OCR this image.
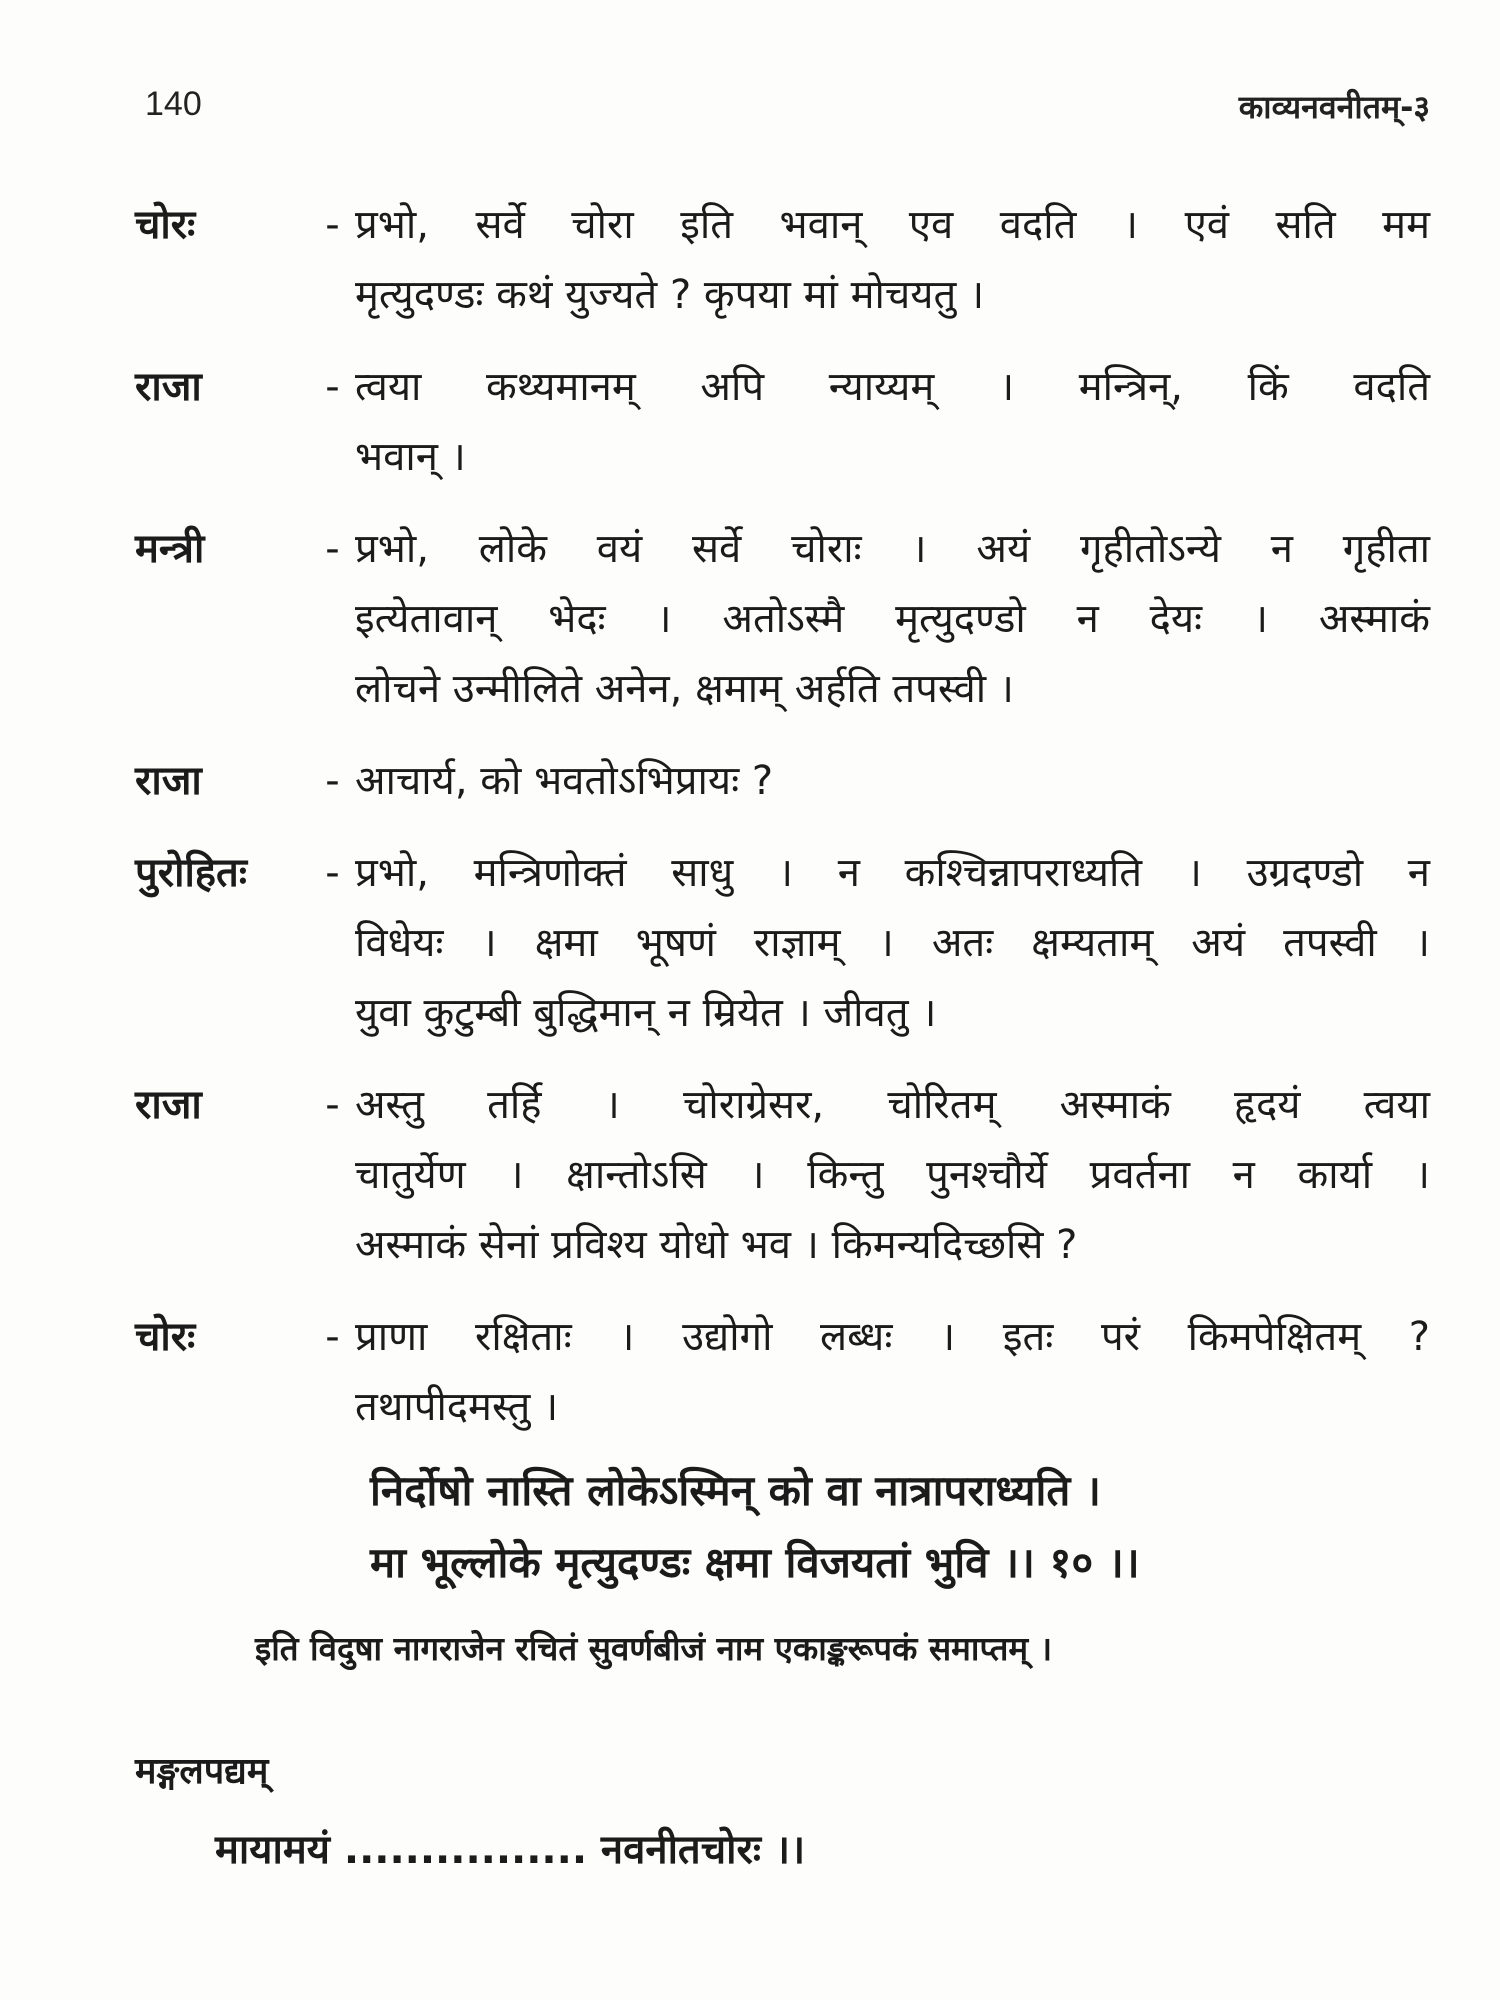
140	काव्यनवनीतम्-३
चोरः	- प्रभो, सर्वे चोरा इति भवान् एव वदति । एवं सति मम
मृत्युदण्डः कथं युज्यते ? कृपया मां मोचयतु ।
राजा	- त्वया कथ्यमानम् अपि न्याय्यम् । मन्त्रिन्, किं वदति
भवान् ।
मन्त्री	- प्रभो, लोके वयं सर्वे चोराः । अयं गृहीतोऽन्ये न गृहीता
इत्येतावान् भेदः । अतोऽस्मै मृत्युदण्डो न देयः । अस्माकं
लोचने उन्मीलिते अनेन, क्षमाम् अर्हति तपस्वी ।
राजा	- आचार्य, को भवतोऽभिप्रायः ?
पुरोहितः	- प्रभो, मन्त्रिणोक्तं साधु । न कश्चिन्नापराध्यति । उग्रदण्डो न
विधेयः । क्षमा भूषणं राज्ञाम् । अतः क्षम्यताम् अयं तपस्वी ।
युवा कुटुम्बी बुद्धिमान् न म्रियेत । जीवतु ।
राजा	- अस्तु तर्हि । चोराग्रेसर, चोरितम् अस्माकं हृदयं त्वया
चातुर्येण । क्षान्तोऽसि । किन्तु पुनश्चौर्ये प्रवर्तना न कार्या ।
अस्माकं सेनां प्रविश्य योधो भव । किमन्यदिच्छसि ?
चोरः	- प्राणा रक्षिताः । उद्योगो लब्धः । इतः परं किमपेक्षितम् ?
तथापीदमस्तु ।
निर्दोषो नास्ति लोकेऽस्मिन् को वा नात्रापराध्यति ।
मा भूल्लोके मृत्युदण्डः क्षमा विजयतां भुवि ।। १० ।।
इति विदुषा नागराजेन रचितं सुवर्णबीजं नाम एकाङ्करूपकं समाप्तम् ।
मङ्गलपद्यम्
मायामयं ................ नवनीतचोरः ।।
